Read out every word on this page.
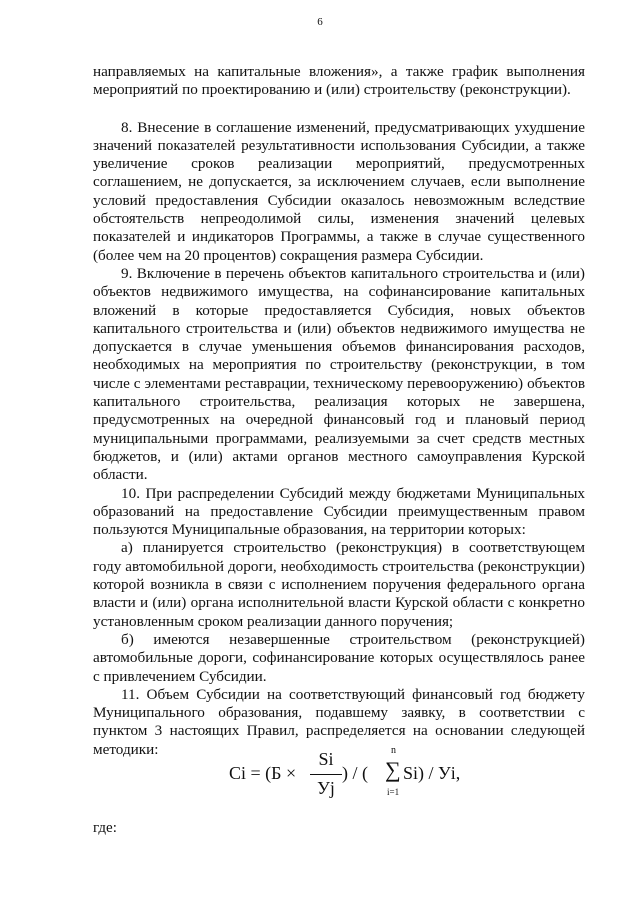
6

направляемых на капитальные вложения», а также график выполнения мероприятий по проектированию и (или) строительству (реконструкции).

8. Внесение в соглашение изменений, предусматривающих ухудшение значений показателей результативности использования Субсидии, а также увеличение сроков реализации мероприятий, предусмотренных соглашением, не допускается, за исключением случаев, если выполнение условий предоставления Субсидии оказалось невозможным вследствие обстоятельств непреодолимой силы, изменения значений целевых показателей и индикаторов Программы, а также в случае существенного (более чем на 20 процентов) сокращения размера Субсидии.

9. Включение в перечень объектов капитального строительства и (или) объектов недвижимого имущества, на софинансирование капитальных вложений в которые предоставляется Субсидия, новых объектов капитального строительства и (или) объектов недвижимого имущества не допускается в случае уменьшения объемов финансирования расходов, необходимых на мероприятия по строительству (реконструкции, в том числе с элементами реставрации, техническому перевооружению) объектов капитального строительства, реализация которых не завершена, предусмотренных на очередной финансовый год и плановый период муниципальными программами, реализуемыми за счет средств местных бюджетов, и (или) актами органов местного самоуправления Курской области.

10. При распределении Субсидий между бюджетами Муниципальных образований на предоставление Субсидии преимущественным правом пользуются Муниципальные образования, на территории которых:

а) планируется строительство (реконструкция) в соответствующем году автомобильной дороги, необходимость строительства (реконструкции) которой возникла в связи с исполнением поручения федерального органа власти и (или) органа исполнительной власти Курской области с конкретно установленным сроком реализации данного поручения;

б) имеются незавершенные строительством (реконструкцией) автомобильные дороги, софинансирование которых осуществлялось ранее с привлечением Субсидии.

11. Объем Субсидии на соответствующий финансовый год бюджету Муниципального образования, подавшему заявку, в соответствии с пунктом 3 настоящих Правил, распределяется на основании следующей методики:

Ci = (Б ×
Si
Уj
) / (
n
∑
i=1
Si) / Уi,
где:
